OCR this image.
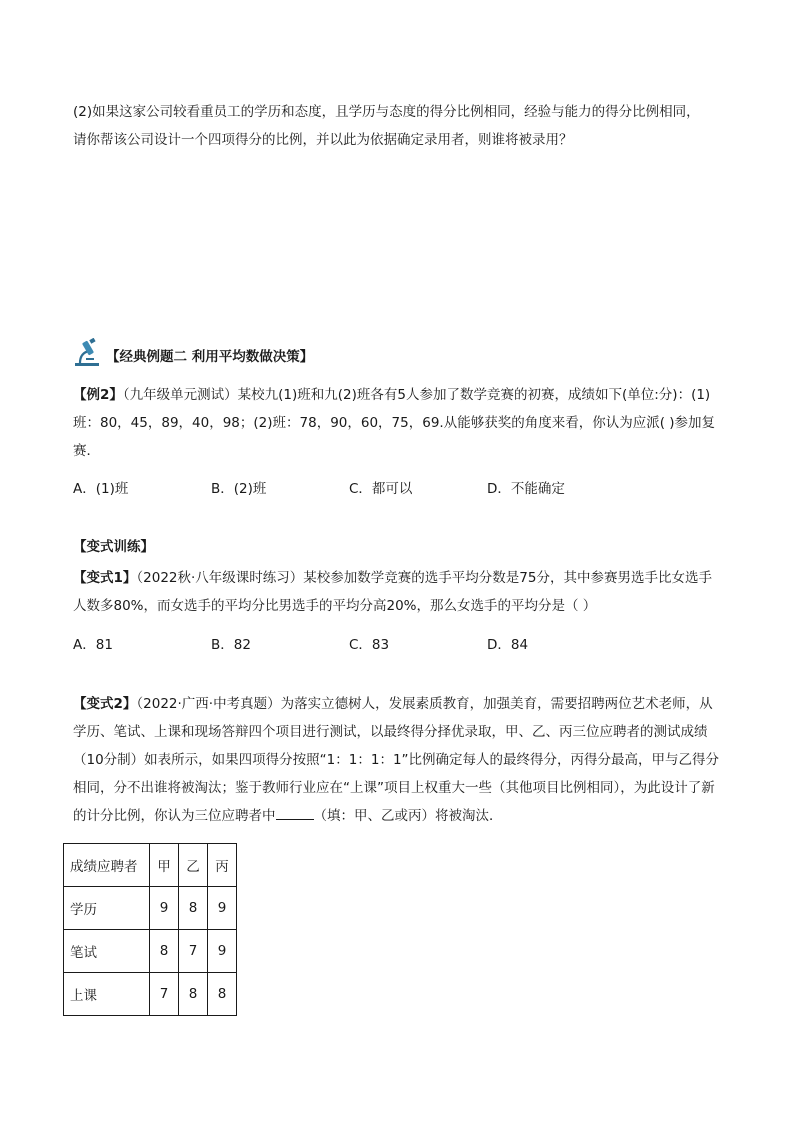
(2)如果这家公司较看重员工的学历和态度，且学历与态度的得分比例相同，经验与能力的得分比例相同，
请你帮该公司设计一个四项得分的比例，并以此为依据确定录用者，则谁将被录用？

【经典例题二 利用平均数做决策】

【例2】（九年级单元测试）某校九(1)班和九(2)班各有5人参加了数学竞赛的初赛，成绩如下(单位:分)：(1)班：80，45，89，40，98；(2)班：78，90，60，75，69.从能够获奖的角度来看，你认为应派( )参加复赛．

A．(1)班	B．(2)班	C．都可以	D．不能确定

【变式训练】

【变式1】（2022秋·八年级课时练习）某校参加数学竞赛的选手平均分数是75分，其中参赛男选手比女选手人数多80%，而女选手的平均分比男选手的平均分高20%，那么女选手的平均分是（ ）

A．81	B．82	C．83	D．84

【变式2】（2022·广西·中考真题）为落实立德树人，发展素质教育，加强美育，需要招聘两位艺术老师，从学历、笔试、上课和现场答辩四个项目进行测试，以最终得分择优录取，甲、乙、丙三位应聘者的测试成绩（10分制）如表所示，如果四项得分按照“1：1：1：1”比例确定每人的最终得分，丙得分最高，甲与乙得分相同，分不出谁将被淘汰；鉴于教师行业应在“上课”项目上权重大一些（其他项目比例相同），为此设计了新的计分比例，你认为三位应聘者中	（填：甲、乙或丙）将被淘汰．

成绩应聘者	甲	乙	丙
学历	9	8	9
笔试	8	7	9
上课	7	8	8
